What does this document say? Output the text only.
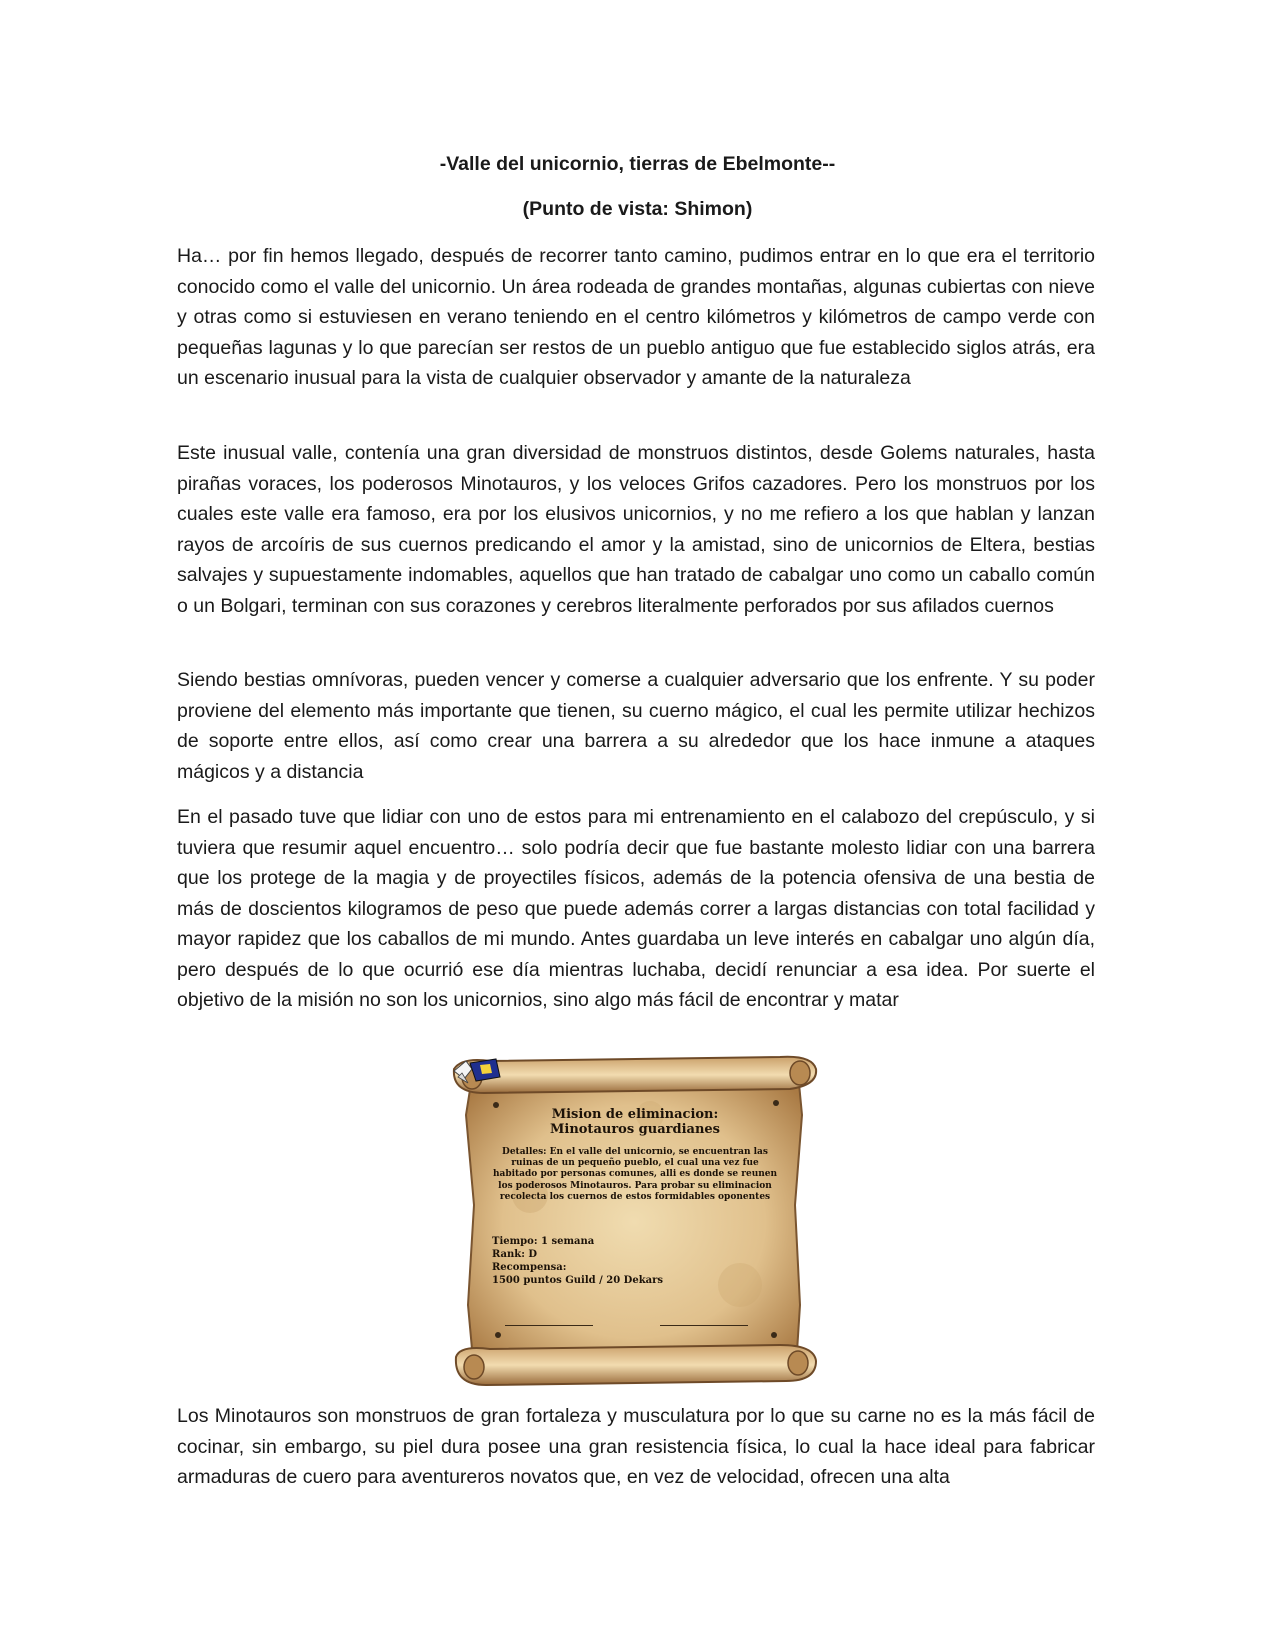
-Valle del unicornio, tierras de Ebelmonte--
(Punto de vista: Shimon)

Ha… por fin hemos llegado, después de recorrer tanto camino, pudimos entrar en lo que era el territorio conocido como el valle del unicornio. Un área rodeada de grandes montañas, algunas cubiertas con nieve y otras como si estuviesen en verano teniendo en el centro kilómetros y kilómetros de campo verde con pequeñas lagunas y lo que parecían ser restos de un pueblo antiguo que fue establecido siglos atrás, era un escenario inusual para la vista de cualquier observador y amante de la naturaleza

Este inusual valle, contenía una gran diversidad de monstruos distintos, desde Golems naturales, hasta pirañas voraces, los poderosos Minotauros, y los veloces Grifos cazadores. Pero los monstruos por los cuales este valle era famoso, era por los elusivos unicornios, y no me refiero a los que hablan y lanzan rayos de arcoíris de sus cuernos predicando el amor y la amistad, sino de unicornios de Eltera, bestias salvajes y supuestamente indomables, aquellos que han tratado de cabalgar uno como un caballo común o un Bolgari, terminan con sus corazones y cerebros literalmente perforados por sus afilados cuernos

Siendo bestias omnívoras, pueden vencer y comerse a cualquier adversario que los enfrente. Y su poder proviene del elemento más importante que tienen, su cuerno mágico, el cual les permite utilizar hechizos de soporte entre ellos, así como crear una barrera a su alrededor que los hace inmune a ataques mágicos y a distancia

En el pasado tuve que lidiar con uno de estos para mi entrenamiento en el calabozo del crepúsculo, y si tuviera que resumir aquel encuentro… solo podría decir que fue bastante molesto lidiar con una barrera que los protege de la magia y de proyectiles físicos, además de la potencia ofensiva de una bestia de más de doscientos kilogramos de peso que puede además correr a largas distancias con total facilidad y mayor rapidez que los caballos de mi mundo. Antes guardaba un leve interés en cabalgar uno algún día, pero después de lo que ocurrió ese día mientras luchaba, decidí renunciar a esa idea. Por suerte el objetivo de la misión no son los unicornios, sino algo más fácil de encontrar y matar

Mision de eliminacion:
Minotauros guardianes
Detalles: En el valle del unicornio, se encuentran las ruinas de un pequeño pueblo, el cual una vez fue habitado por personas comunes, alli es donde se reunen los poderosos Minotauros. Para probar su eliminacion recolecta los cuernos de estos formidables oponentes
Tiempo: 1 semana
Rank: D
Recompensa:
1500 puntos Guild / 20 Dekars

Los Minotauros son monstruos de gran fortaleza y musculatura por lo que su carne no es la más fácil de cocinar, sin embargo, su piel dura posee una gran resistencia física, lo cual la hace ideal para fabricar armaduras de cuero para aventureros novatos que, en vez de velocidad, ofrecen una alta
